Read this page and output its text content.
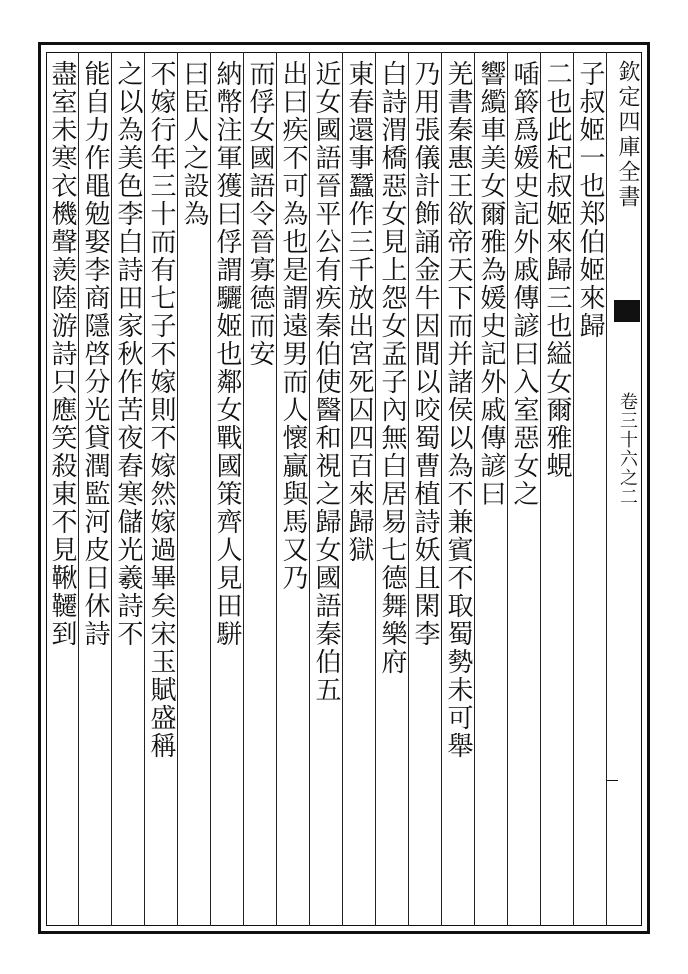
欽定四庫全書
卷三十六之二
子叔姬一也郑伯姬來歸
二也此杞叔姬來歸三也縊女爾雅蜆
喢䉁爲媛史記外戚傳諺曰入室惡女之
響䌫車美女爾雅為媛史記外戚傳諺曰
羌書秦惠王欲帝天下而并諸侯以為不兼賓不取蜀勢未可舉
乃用張儀計飾誦金牛因間以咬蜀曹植詩妖且閑李
白詩渭橋惡女見上怨女孟子內無白居易七德舞樂府
東春還事蠶作三千放出宮死囚四百來歸獄
近女國語晉平公有疾秦伯使醫和視之歸女國語秦伯五
出曰疾不可為也是謂遠男而人懷贏與馬又乃
而俘女國語令晉寡德而安
納幣注軍獲曰俘謂驪姬也鄰女戰國策齊人見田駢
曰臣人之設為
不嫁行年三十而有七子不嫁則不嫁然嫁過畢矣宋玉賦盛稱
之以為美色李白詩田家秋作苦夜舂寒儲光羲詩不
能自力作黽勉娶李商隱啓分光貸潤監河皮日休詩
盡室未寒衣機聲羨陸游詩只應笑殺東不見鞦韆到
